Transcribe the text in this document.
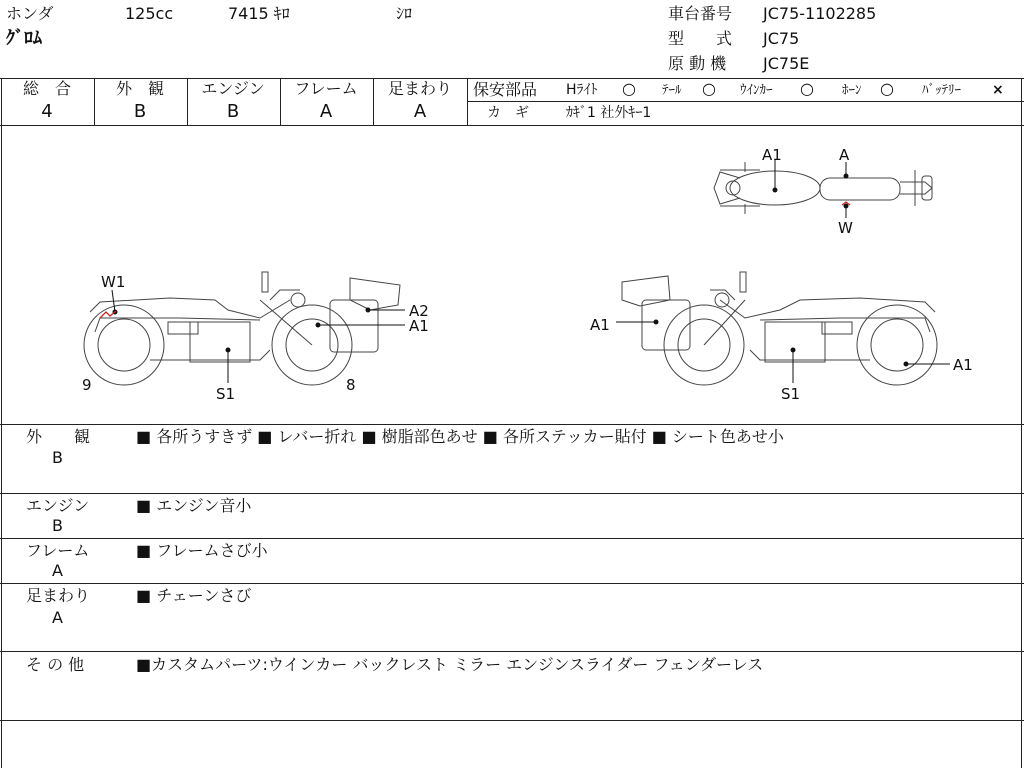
ホンダ	125cc	7415 ｷﾛ	ｼﾛ
ｸﾞﾛﾑ
車台番号 JC75-1102285
型　　式 JC75
原 動 機 JC75E
総　合
4
外　観
B
エンジン
B
フレーム
A
足まわり
A
保安部品 Hﾗｲﾄ ○ ﾃｰﾙ ○ ｳｲﾝｶｰ ○ ﾎｰﾝ ○ ﾊﾞｯﾃﾘｰ ×
カ　ギ	ｶｷﾞ1 社外ｷｰ1
A1	A
W
W1
A2
A1
9	8
S1
A1
A1
S1
外　　観
B
■ 各所うすきず ■ レバー折れ ■ 樹脂部色あせ ■ 各所ステッカー貼付 ■ シート色あせ小
エンジン
B
■ エンジン音小
フレーム
A
■ フレームさび小
足まわり
A
■ チェーンさび
そ の 他	■カスタムパーツ:ウインカー バックレスト ミラー エンジンスライダー フェンダーレス
